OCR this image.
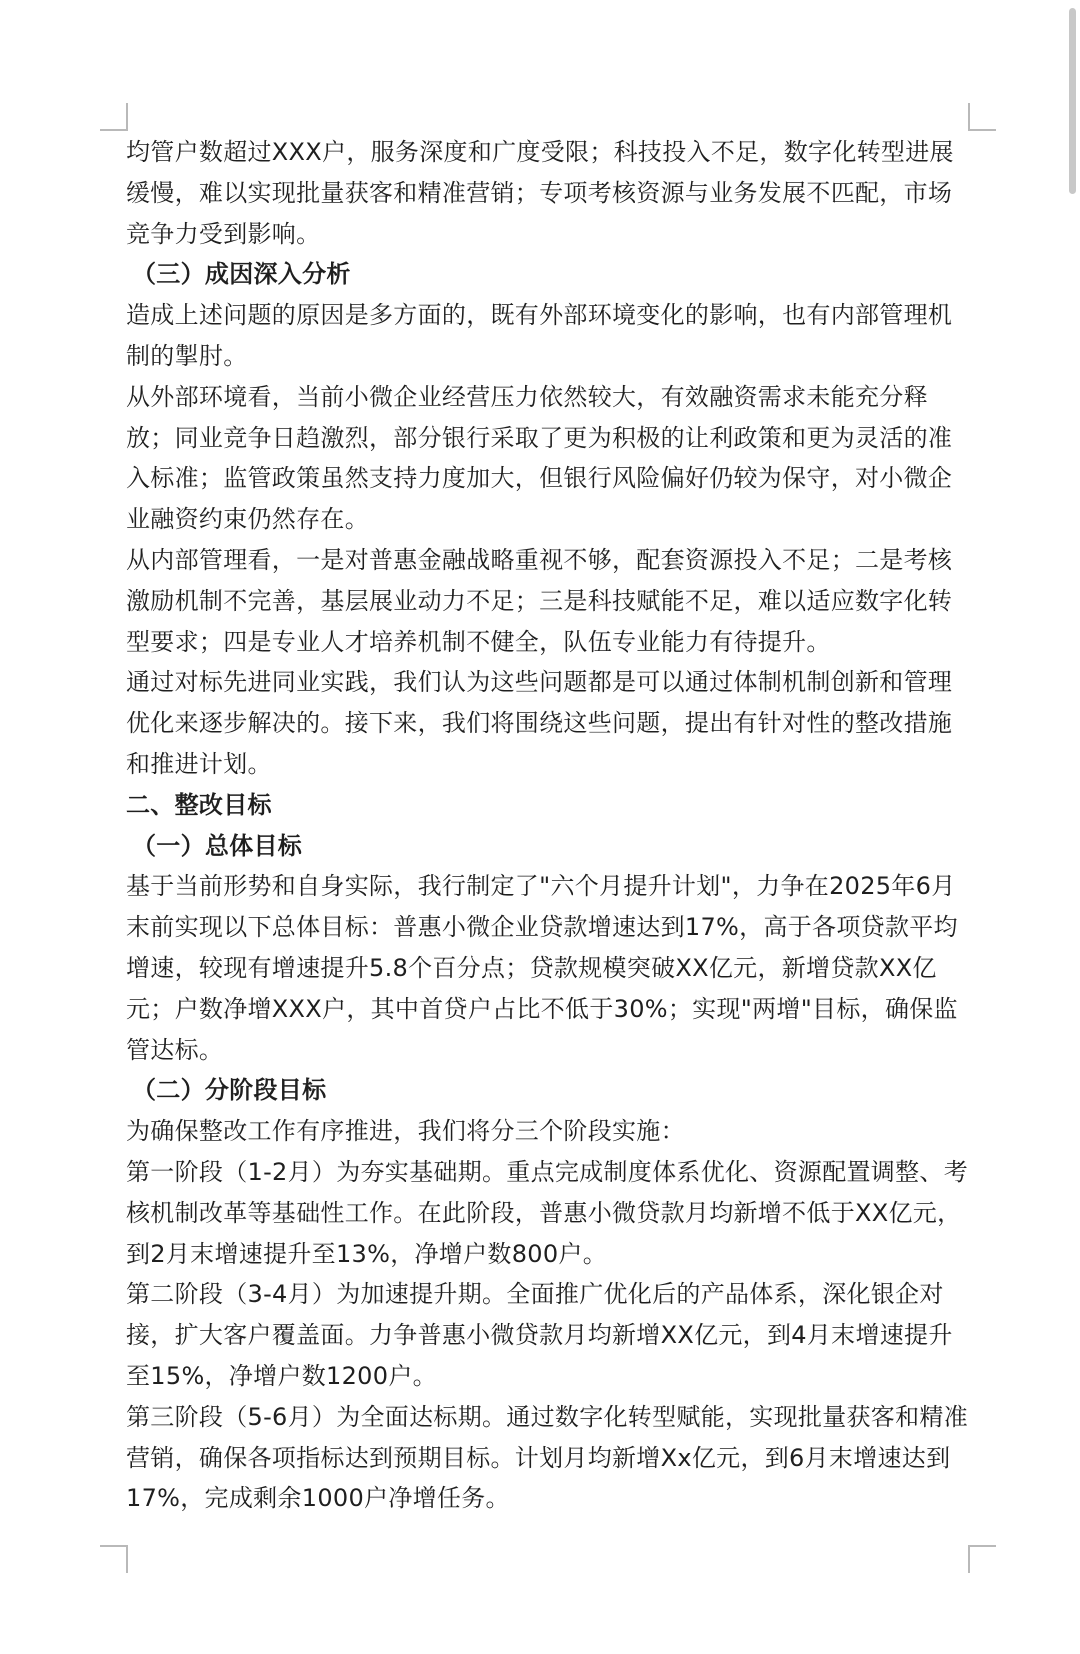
均管户数超过XXX户，服务深度和广度受限；科技投入不足，数字化转型进展缓慢，难以实现批量获客和精准营销；专项考核资源与业务发展不匹配，市场竞争力受到影响。

（三）成因深入分析

造成上述问题的原因是多方面的，既有外部环境变化的影响，也有内部管理机制的掣肘。

从外部环境看，当前小微企业经营压力依然较大，有效融资需求未能充分释放；同业竞争日趋激烈，部分银行采取了更为积极的让利政策和更为灵活的准入标准；监管政策虽然支持力度加大，但银行风险偏好仍较为保守，对小微企业融资约束仍然存在。

从内部管理看，一是对普惠金融战略重视不够，配套资源投入不足；二是考核激励机制不完善，基层展业动力不足；三是科技赋能不足，难以适应数字化转型要求；四是专业人才培养机制不健全，队伍专业能力有待提升。

通过对标先进同业实践，我们认为这些问题都是可以通过体制机制创新和管理优化来逐步解决的。接下来，我们将围绕这些问题，提出有针对性的整改措施和推进计划。

二、整改目标

（一）总体目标

基于当前形势和自身实际，我行制定了"六个月提升计划"，力争在2025年6月末前实现以下总体目标：普惠小微企业贷款增速达到17%，高于各项贷款平均增速，较现有增速提升5.8个百分点；贷款规模突破XX亿元，新增贷款XX亿元；户数净增XXX户，其中首贷户占比不低于30%；实现"两增"目标，确保监管达标。

（二）分阶段目标

为确保整改工作有序推进，我们将分三个阶段实施：

第一阶段（1-2月）为夯实基础期。重点完成制度体系优化、资源配置调整、考核机制改革等基础性工作。在此阶段，普惠小微贷款月均新增不低于XX亿元，到2月末增速提升至13%，净增户数800户。

第二阶段（3-4月）为加速提升期。全面推广优化后的产品体系，深化银企对接，扩大客户覆盖面。力争普惠小微贷款月均新增XX亿元，到4月末增速提升至15%，净增户数1200户。

第三阶段（5-6月）为全面达标期。通过数字化转型赋能，实现批量获客和精准营销，确保各项指标达到预期目标。计划月均新增Xx亿元，到6月末增速达到17%，完成剩余1000户净增任务。
